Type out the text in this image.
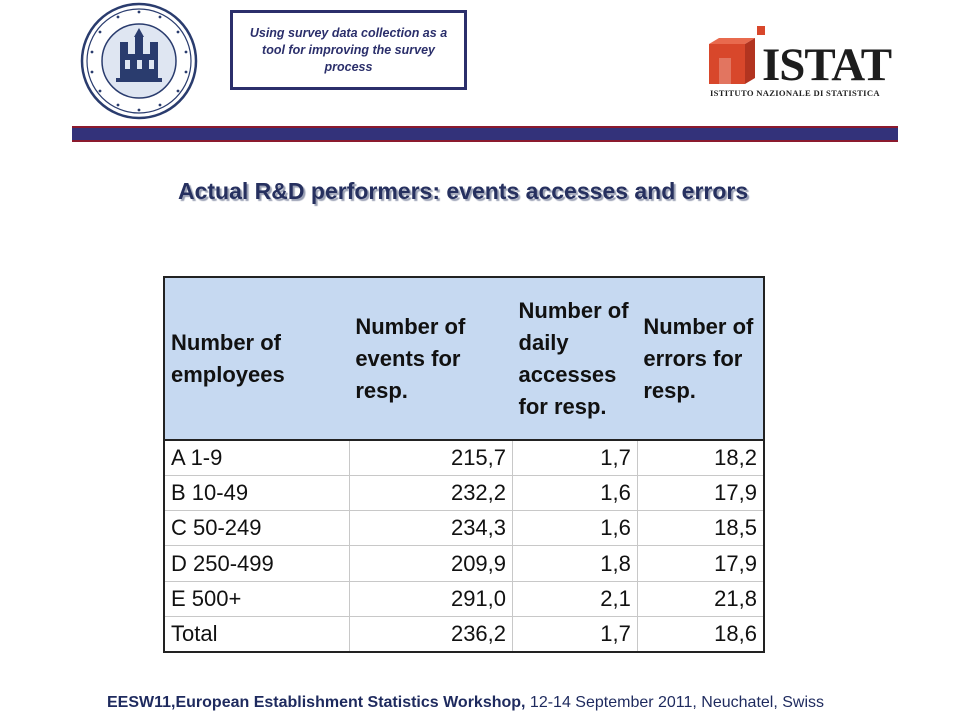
Using survey data collection as a tool for improving the survey process	ISTAT
ISTITUTO NAZIONALE DI STATISTICA
Actual R&D performers: events accesses and errors
Number of employees	Number of events for resp.	Number of daily accesses for resp.	Number of errors for resp.
A 1-9	215,7	1,7	18,2
B 10-49	232,2	1,6	17,9
C 50-249	234,3	1,6	18,5
D 250-499	209,9	1,8	17,9
E 500+	291,0	2,1	21,8
Total	236,2	1,7	18,6
EESW11,European Establishment Statistics Workshop, 12-14 September 2011, Neuchatel, Swiss
